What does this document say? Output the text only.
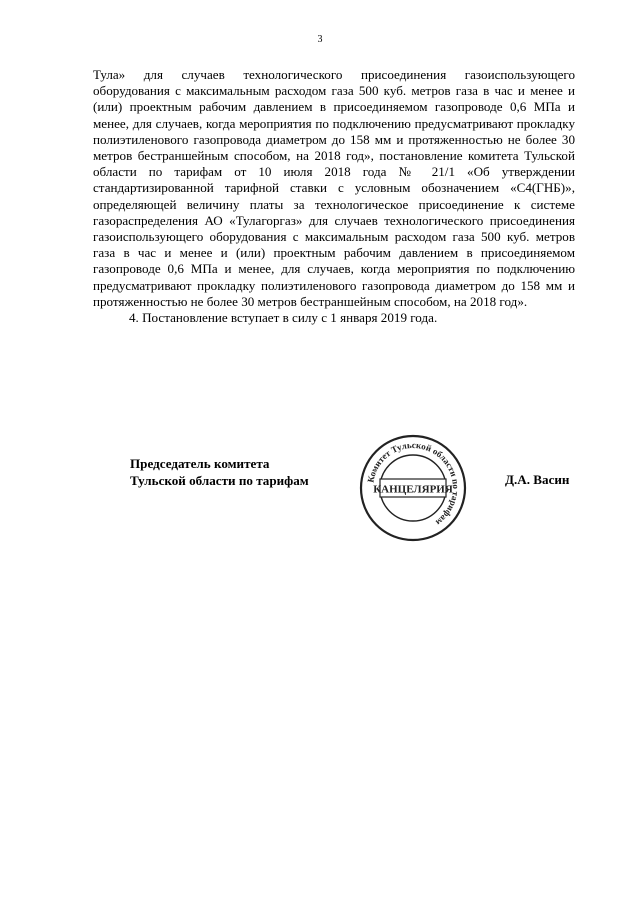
3

Тула» для случаев технологического присоединения газоиспользующего оборудования с максимальным расходом газа 500 куб. метров газа в час и менее и (или) проектным рабочим давлением в присоединяемом газопроводе 0,6 МПа и менее, для случаев, когда мероприятия по подключению предусматривают прокладку полиэтиленового газопровода диаметром до 158 мм и протяженностью не более 30 метров бестраншейным способом, на 2018 год», постановление комитета Тульской области по тарифам от 10 июля 2018 года № 21/1 «Об утверждении стандартизированной тарифной ставки с условным обозначением «С4(ГНБ)», определяющей величину платы за технологическое присоединение к системе газораспределения АО «Тулагоргаз» для случаев технологического присоединения газоиспользующего оборудования с максимальным расходом газа 500 куб. метров газа в час и менее и (или) проектным рабочим давлением в присоединяемом газопроводе 0,6 МПа и менее, для случаев, когда мероприятия по подключению предусматривают прокладку полиэтиленового газопровода диаметром до 158 мм и протяженностью не более 30 метров бестраншейным способом, на 2018 год».

4. Постановление вступает в силу с 1 января 2019 года.

Председатель комитета
Тульской области по тарифам	Д.А. Васин
Комитет Тульской области по тарифам
КАНЦЕЛЯРИЯ
